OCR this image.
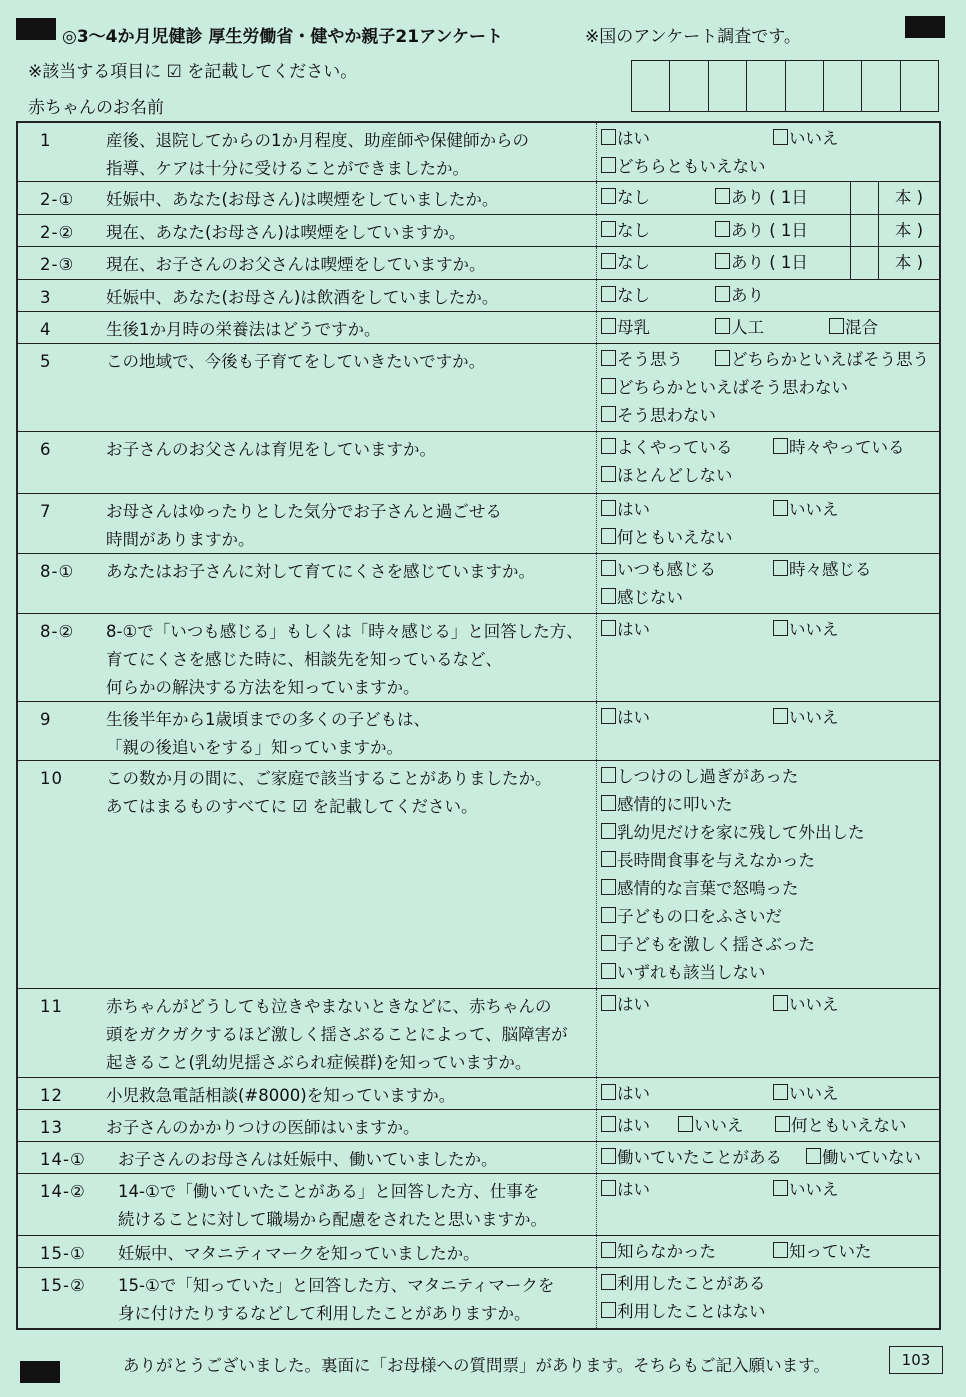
◎3～4か月児健診 厚生労働省・健やか親子21アンケート	※国のアンケート調査です。
※該当する項目に ☑ を記載してください。
赤ちゃんのお名前
1	産後、退院してからの1か月程度、助産師や保健師からの
指導、ケアは十分に受けることができましたか。
はい	いいえ
どちらともいえない
2-①	妊娠中、あなた(お母さん)は喫煙をしていましたか。	なし	あり ( 1日	本 )
2-②	現在、あなた(お母さん)は喫煙をしていますか。	なし	あり ( 1日	本 )
2-③	現在、お子さんのお父さんは喫煙をしていますか。	なし	あり ( 1日	本 )
3	妊娠中、あなた(お母さん)は飲酒をしていましたか。	なし	あり
4	生後1か月時の栄養法はどうですか。	母乳	人工	混合
5	この地域で、今後も子育てをしていきたいですか。	そう思う	どちらかといえばそう思う
どちらかといえばそう思わない
そう思わない
6	お子さんのお父さんは育児をしていますか。	よくやっている	時々やっている
ほとんどしない
7	お母さんはゆったりとした気分でお子さんと過ごせる
時間がありますか。
はい	いいえ
何ともいえない
8-①	あなたはお子さんに対して育てにくさを感じていますか。	いつも感じる	時々感じる
感じない
8-②	8-①で「いつも感じる」もしくは「時々感じる」と回答した方、
育てにくさを感じた時に、相談先を知っているなど、
何らかの解決する方法を知っていますか。
はい	いいえ
9	生後半年から1歳頃までの多くの子どもは、
「親の後追いをする」知っていますか。
はい	いいえ
10	この数か月の間に、ご家庭で該当することがありましたか。
あてはまるものすべてに ☑ を記載してください。
しつけのし過ぎがあった
感情的に叩いた
乳幼児だけを家に残して外出した
長時間食事を与えなかった
感情的な言葉で怒鳴った
子どもの口をふさいだ
子どもを激しく揺さぶった
いずれも該当しない
11	赤ちゃんがどうしても泣きやまないときなどに、赤ちゃんの
頭をガクガクするほど激しく揺さぶることによって、脳障害が
起きること(乳幼児揺さぶられ症候群)を知っていますか。
はい	いいえ
12	小児救急電話相談(#8000)を知っていますか。	はい	いいえ
13	お子さんのかかりつけの医師はいますか。	はい	いいえ	何ともいえない
14-①	お子さんのお母さんは妊娠中、働いていましたか。	働いていたことがある	働いていない
14-②	14-①で「働いていたことがある」と回答した方、仕事を
続けることに対して職場から配慮をされたと思いますか。
はい	いいえ
15-①	妊娠中、マタニティマークを知っていましたか。	知らなかった	知っていた
15-②	15-①で「知っていた」と回答した方、マタニティマークを
身に付けたりするなどして利用したことがありますか。
利用したことがある
利用したことはない
ありがとうございました。裏面に「お母様への質問票」があります。そちらもご記入願います。	103
